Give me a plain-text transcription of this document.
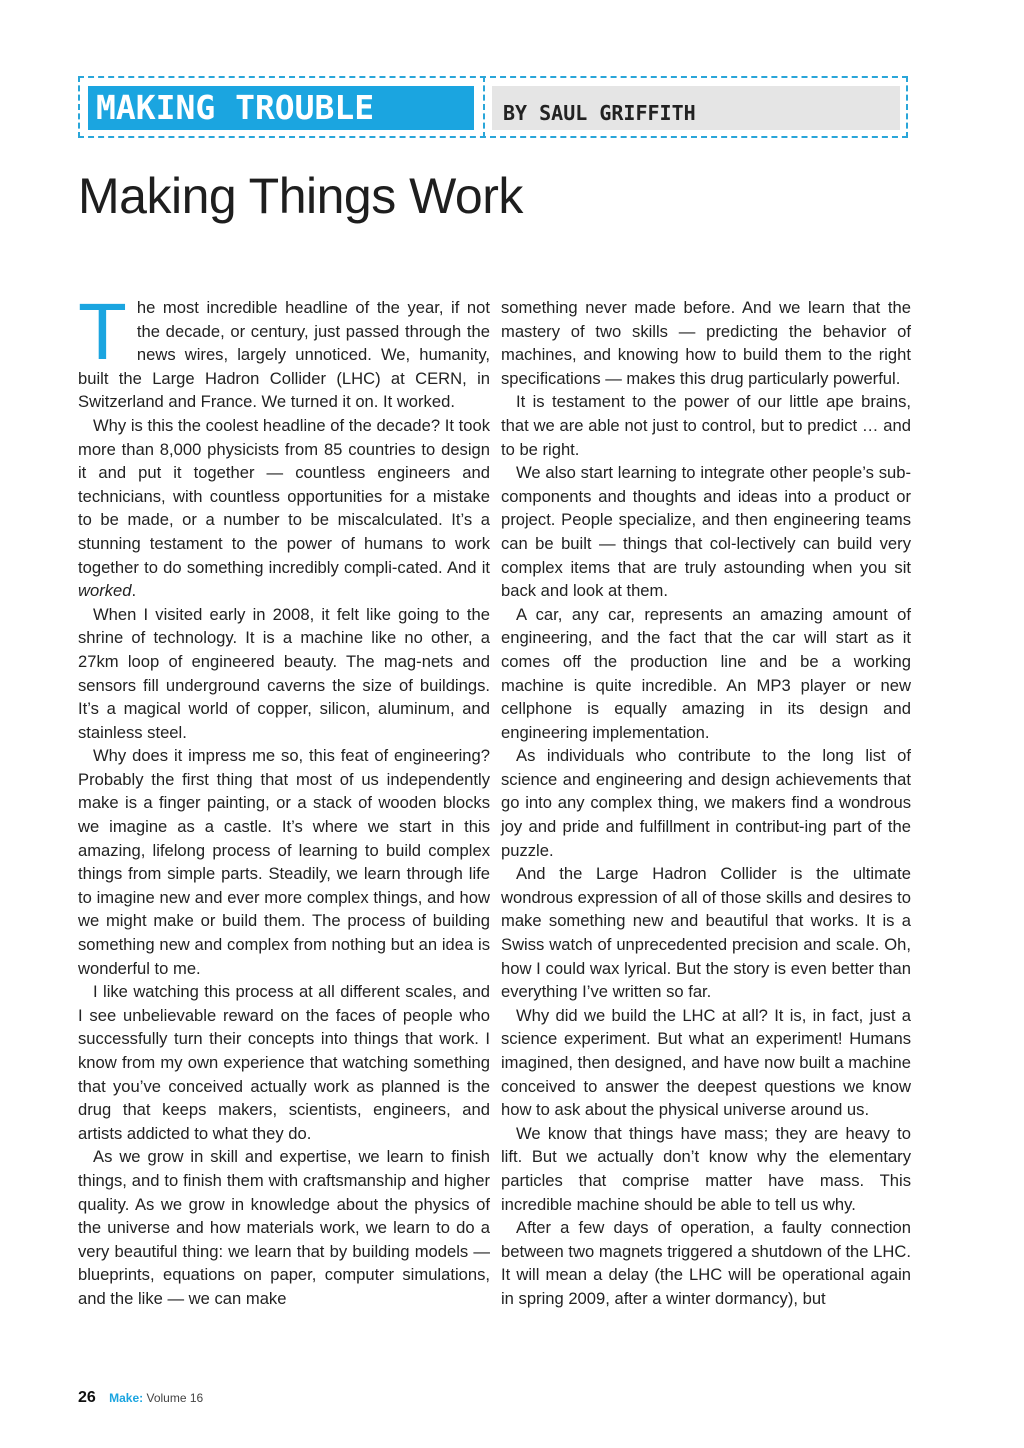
MAKING TROUBLE	BY SAUL GRIFFITH
Making Things Work

The most incredible headline of the year, if not the decade, or century, just passed through the news wires, largely unnoticed. We, humanity, built the Large Hadron Collider (LHC) at CERN, in Switzerland and France. We turned it on. It worked.

Why is this the coolest headline of the decade? It took more than 8,000 physicists from 85 countries to design it and put it together — countless engineers and technicians, with countless opportunities for a mistake to be made, or a number to be miscalculated. It’s a stunning testament to the power of humans to work together to do something incredibly compli-cated. And it worked.

When I visited early in 2008, it felt like going to the shrine of technology. It is a machine like no other, a 27km loop of engineered beauty. The mag-nets and sensors fill underground caverns the size of buildings. It’s a magical world of copper, silicon, aluminum, and stainless steel.

Why does it impress me so, this feat of engineering? Probably the first thing that most of us independently make is a finger painting, or a stack of wooden blocks we imagine as a castle. It’s where we start in this amazing, lifelong process of learning to build complex things from simple parts. Steadily, we learn through life to imagine new and ever more complex things, and how we might make or build them. The process of building something new and complex from nothing but an idea is wonderful to me.

I like watching this process at all different scales, and I see unbelievable reward on the faces of people who successfully turn their concepts into things that work. I know from my own experience that watching something that you’ve conceived actually work as planned is the drug that keeps makers, scientists, engineers, and artists addicted to what they do.

As we grow in skill and expertise, we learn to finish things, and to finish them with craftsmanship and higher quality. As we grow in knowledge about the physics of the universe and how materials work, we learn to do a very beautiful thing: we learn that by building models — blueprints, equations on paper, computer simulations, and the like — we can make

something never made before. And we learn that the mastery of two skills — predicting the behavior of machines, and knowing how to build them to the right specifications — makes this drug particularly powerful.

It is testament to the power of our little ape brains, that we are able not just to control, but to predict … and to be right.

We also start learning to integrate other people’s sub-components and thoughts and ideas into a product or project. People specialize, and then engineering teams can be built — things that col-lectively can build very complex items that are truly astounding when you sit back and look at them.

A car, any car, represents an amazing amount of engineering, and the fact that the car will start as it comes off the production line and be a working machine is quite incredible. An MP3 player or new cellphone is equally amazing in its design and engineering implementation.

As individuals who contribute to the long list of science and engineering and design achievements that go into any complex thing, we makers find a wondrous joy and pride and fulfillment in contribut-ing part of the puzzle.

And the Large Hadron Collider is the ultimate wondrous expression of all of those skills and desires to make something new and beautiful that works. It is a Swiss watch of unprecedented precision and scale. Oh, how I could wax lyrical. But the story is even better than everything I’ve written so far.

Why did we build the LHC at all? It is, in fact, just a science experiment. But what an experiment! Humans imagined, then designed, and have now built a machine conceived to answer the deepest questions we know how to ask about the physical universe around us.

We know that things have mass; they are heavy to lift. But we actually don’t know why the elementary particles that comprise matter have mass. This incredible machine should be able to tell us why.

After a few days of operation, a faulty connection between two magnets triggered a shutdown of the LHC. It will mean a delay (the LHC will be operational again in spring 2009, after a winter dormancy), but

26 Make: Volume 16
